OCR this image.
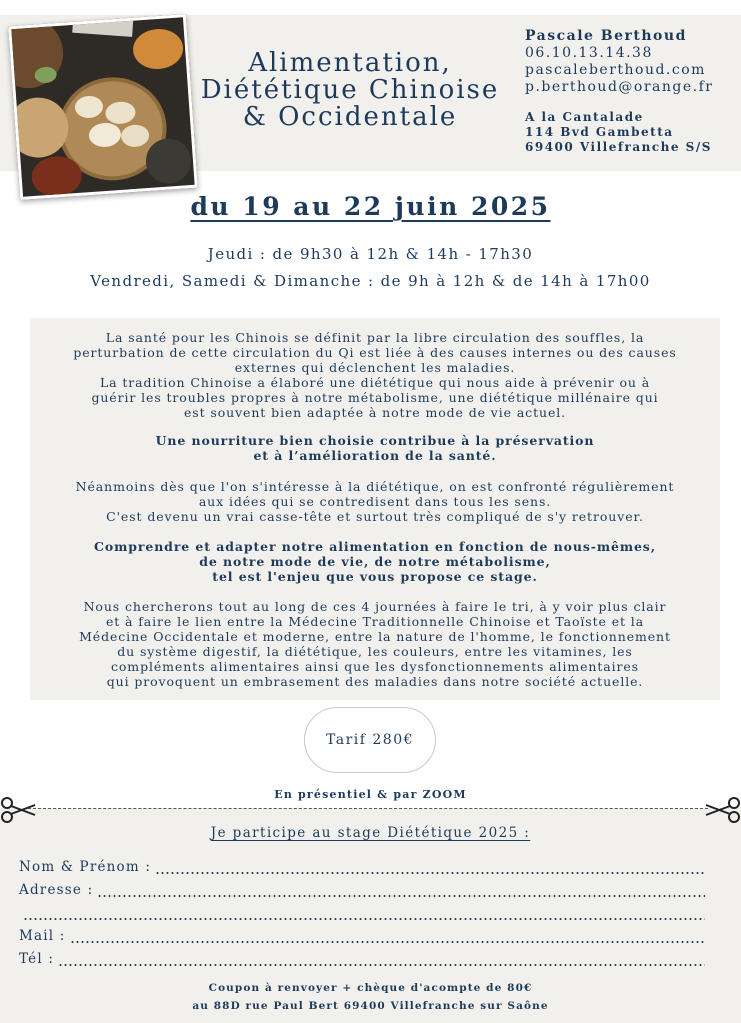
Alimentation,
Diététique Chinoise
& Occidentale
Pascale Berthoud
06.10.13.14.38
pascaleberthoud.com
p.berthoud@orange.fr
A la Cantalade
114 Bvd Gambetta
69400 Villefranche S/S
du 19 au 22 juin 2025
Jeudi : de 9h30 à 12h & 14h - 17h30
Vendredi, Samedi & Dimanche : de 9h à 12h & de 14h à 17h00
La santé pour les Chinois se définit par la libre circulation des souffles, la
perturbation de cette circulation du Qi est liée à des causes internes ou des causes
externes qui déclenchent les maladies.
La tradition Chinoise a élaboré une diététique qui nous aide à prévenir ou à
guérir les troubles propres à notre métabolisme, une diététique millénaire qui
est souvent bien adaptée à notre mode de vie actuel.
Une nourriture bien choisie contribue à la préservation
et à l’amélioration de la santé.
Néanmoins dès que l'on s'intéresse à la diététique, on est confronté régulièrement
aux idées qui se contredisent dans tous les sens.
C'est devenu un vrai casse-tête et surtout très compliqué de s'y retrouver.
Comprendre et adapter notre alimentation en fonction de nous-mêmes,
de notre mode de vie, de notre métabolisme,
tel est l'enjeu que vous propose ce stage.
Nous chercherons tout au long de ces 4 journées à faire le tri, à y voir plus clair
et à faire le lien entre la Médecine Traditionnelle Chinoise et Taoïste et la
Médecine Occidentale et moderne, entre la nature de l'homme, le fonctionnement
du système digestif, la diététique, les couleurs, entre les vitamines, les
compléments alimentaires ainsi que les dysfonctionnements alimentaires
qui provoquent un embrasement des maladies dans notre société actuelle.
Tarif 280€
En présentiel & par ZOOM
Je participe au stage Diététique 2025 :
Nom & Prénom :
Adresse :
Mail :
Tél :
Coupon à renvoyer + chèque d'acompte de 80€
au 88D rue Paul Bert 69400 Villefranche sur Saône
